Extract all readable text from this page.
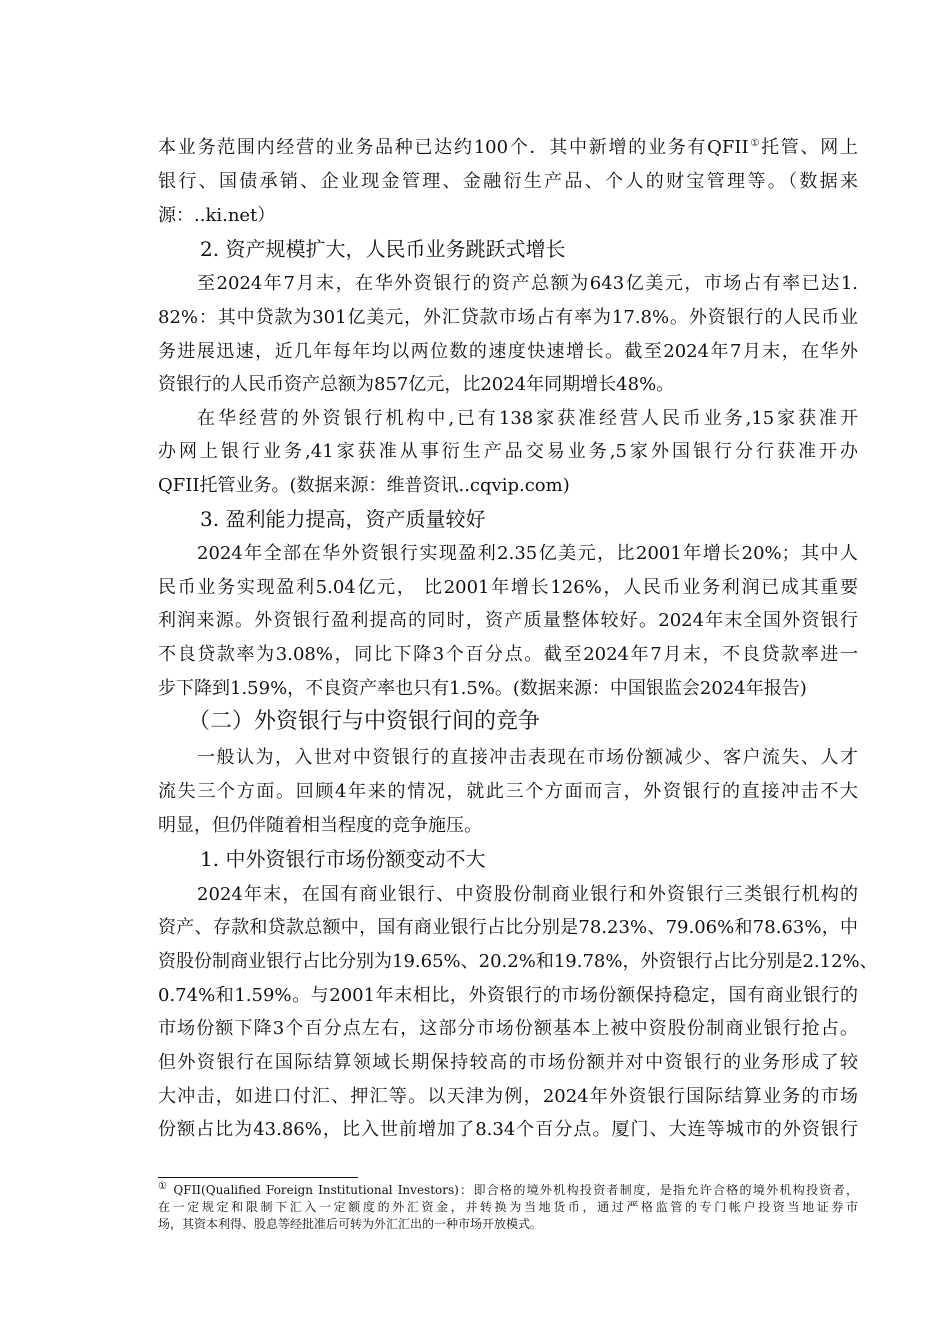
本业务范围内经营的业务品种已达约100个．其中新增的业务有QFII①托管、网上
银行、国债承销、企业现金管理、金融衍生产品、个人的财宝管理等。（数据来
源：..ki.net）
2. 资产规模扩大，人民币业务跳跃式增长
至2024年7月末，在华外资银行的资产总额为643亿美元，市场占有率已达1.
82%：其中贷款为301亿美元，外汇贷款市场占有率为17.8%。外资银行的人民币业
务进展迅速，近几年每年均以两位数的速度快速增长。截至2024年7月末，在华外
资银行的人民币资产总额为857亿元，比2024年同期增长48%。
在华经营的外资银行机构中,已有138家获准经营人民币业务,15家获准开
办网上银行业务,41家获准从事衍生产品交易业务,5家外国银行分行获准开办
QFII托管业务。(数据来源：维普资讯..cqvip.com)
3. 盈利能力提高，资产质量较好
2024年全部在华外资银行实现盈利2.35亿美元，比2001年增长20%；其中人
民币业务实现盈利5.04亿元， 比2001年增长126%，人民币业务利润已成其重要
利润来源。外资银行盈利提高的同时，资产质量整体较好。2024年末全国外资银行
不良贷款率为3.08%，同比下降3个百分点。截至2024年7月末，不良贷款率进一
步下降到1.59%，不良资产率也只有1.5%。(数据来源：中国银监会2024年报告)
（二）外资银行与中资银行间的竞争
一般认为，入世对中资银行的直接冲击表现在市场份额减少、客户流失、人才
流失三个方面。回顾4年来的情况，就此三个方面而言，外资银行的直接冲击不大
明显，但仍伴随着相当程度的竞争施压。
1. 中外资银行市场份额变动不大
2024年末，在国有商业银行、中资股份制商业银行和外资银行三类银行机构的
资产、存款和贷款总额中，国有商业银行占比分别是78.23%、79.06%和78.63%，中
资股份制商业银行占比分别为19.65%、20.2%和19.78%，外资银行占比分别是2.12%、
0.74%和1.59%。与2001年末相比，外资银行的市场份额保持稳定，国有商业银行的
市场份额下降3个百分点左右，这部分市场份额基本上被中资股份制商业银行抢占。
但外资银行在国际结算领域长期保持较高的市场份额并对中资银行的业务形成了较
大冲击，如进口付汇、押汇等。以天津为例，2024年外资银行国际结算业务的市场
份额占比为43.86%，比入世前增加了8.34个百分点。厦门、大连等城市的外资银行
① QFII(Qualified Foreign Institutional Investors)：即合格的境外机构投资者制度，是指允许合格的境外机构投资者，
在一定规定和限制下汇入一定额度的外汇资金，并转换为当地货币，通过严格监管的专门帐户投资当地证券市
场，其资本利得、股息等经批准后可转为外汇汇出的一种市场开放模式。
